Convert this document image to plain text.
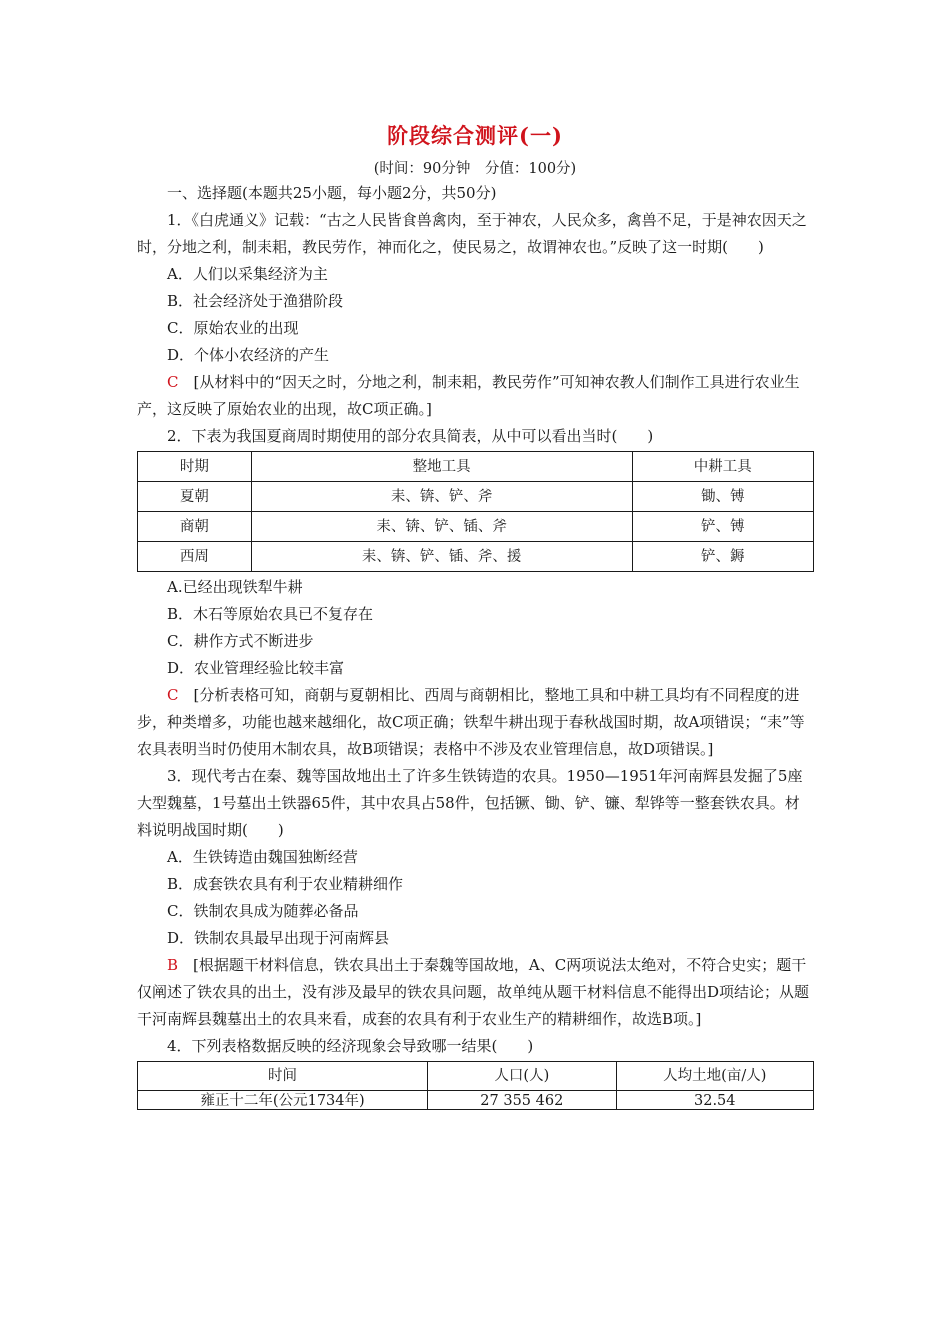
阶段综合测评(一)
(时间：90分钟　分值：100分)

一、选择题(本题共25小题，每小题2分，共50分)

1．《白虎通义》记载：“古之人民皆食兽禽肉，至于神农，人民众多，禽兽不足，于是神农因天之时，分地之利，制耒耜，教民劳作，神而化之，使民易之，故谓神农也。”反映了这一时期(　　)

A．人们以采集经济为主

B．社会经济处于渔猎阶段

C．原始农业的出现

D．个体小农经济的产生

C　[从材料中的“因天之时，分地之利，制耒耜，教民劳作”可知神农教人们制作工具进行农业生产，这反映了原始农业的出现，故C项正确。]

2．下表为我国夏商周时期使用的部分农具简表，从中可以看出当时(　　)

时期	整地工具	中耕工具
夏朝	耒、锛、铲、斧	锄、镈
商朝	耒、锛、铲、锸、斧	铲、镈
西周	耒、锛、铲、锸、斧、援	铲、鎒

A.已经出现铁犁牛耕

B．木石等原始农具已不复存在

C．耕作方式不断进步

D．农业管理经验比较丰富

C　[分析表格可知，商朝与夏朝相比、西周与商朝相比，整地工具和中耕工具均有不同程度的进步，种类增多，功能也越来越细化，故C项正确；铁犁牛耕出现于春秋战国时期，故A项错误；“耒”等农具表明当时仍使用木制农具，故B项错误；表格中不涉及农业管理信息，故D项错误。]

3．现代考古在秦、魏等国故地出土了许多生铁铸造的农具。1950—1951年河南辉县发掘了5座大型魏墓，1号墓出土铁器65件，其中农具占58件，包括镢、锄、铲、镰、犁铧等一整套铁农具。材料说明战国时期(　　)

A．生铁铸造由魏国独断经营

B．成套铁农具有利于农业精耕细作

C．铁制农具成为随葬必备品

D．铁制农具最早出现于河南辉县

B　[根据题干材料信息，铁农具出土于秦魏等国故地，A、C两项说法太绝对，不符合史实；题干仅阐述了铁农具的出土，没有涉及最早的铁农具问题，故单纯从题干材料信息不能得出D项结论；从题干河南辉县魏墓出土的农具来看，成套的农具有利于农业生产的精耕细作，故选B项。]

4．下列表格数据反映的经济现象会导致哪一结果(　　)

时间	人口(人)	人均土地(亩/人)
雍正十二年(公元1734年)	27 355 462	32.54
